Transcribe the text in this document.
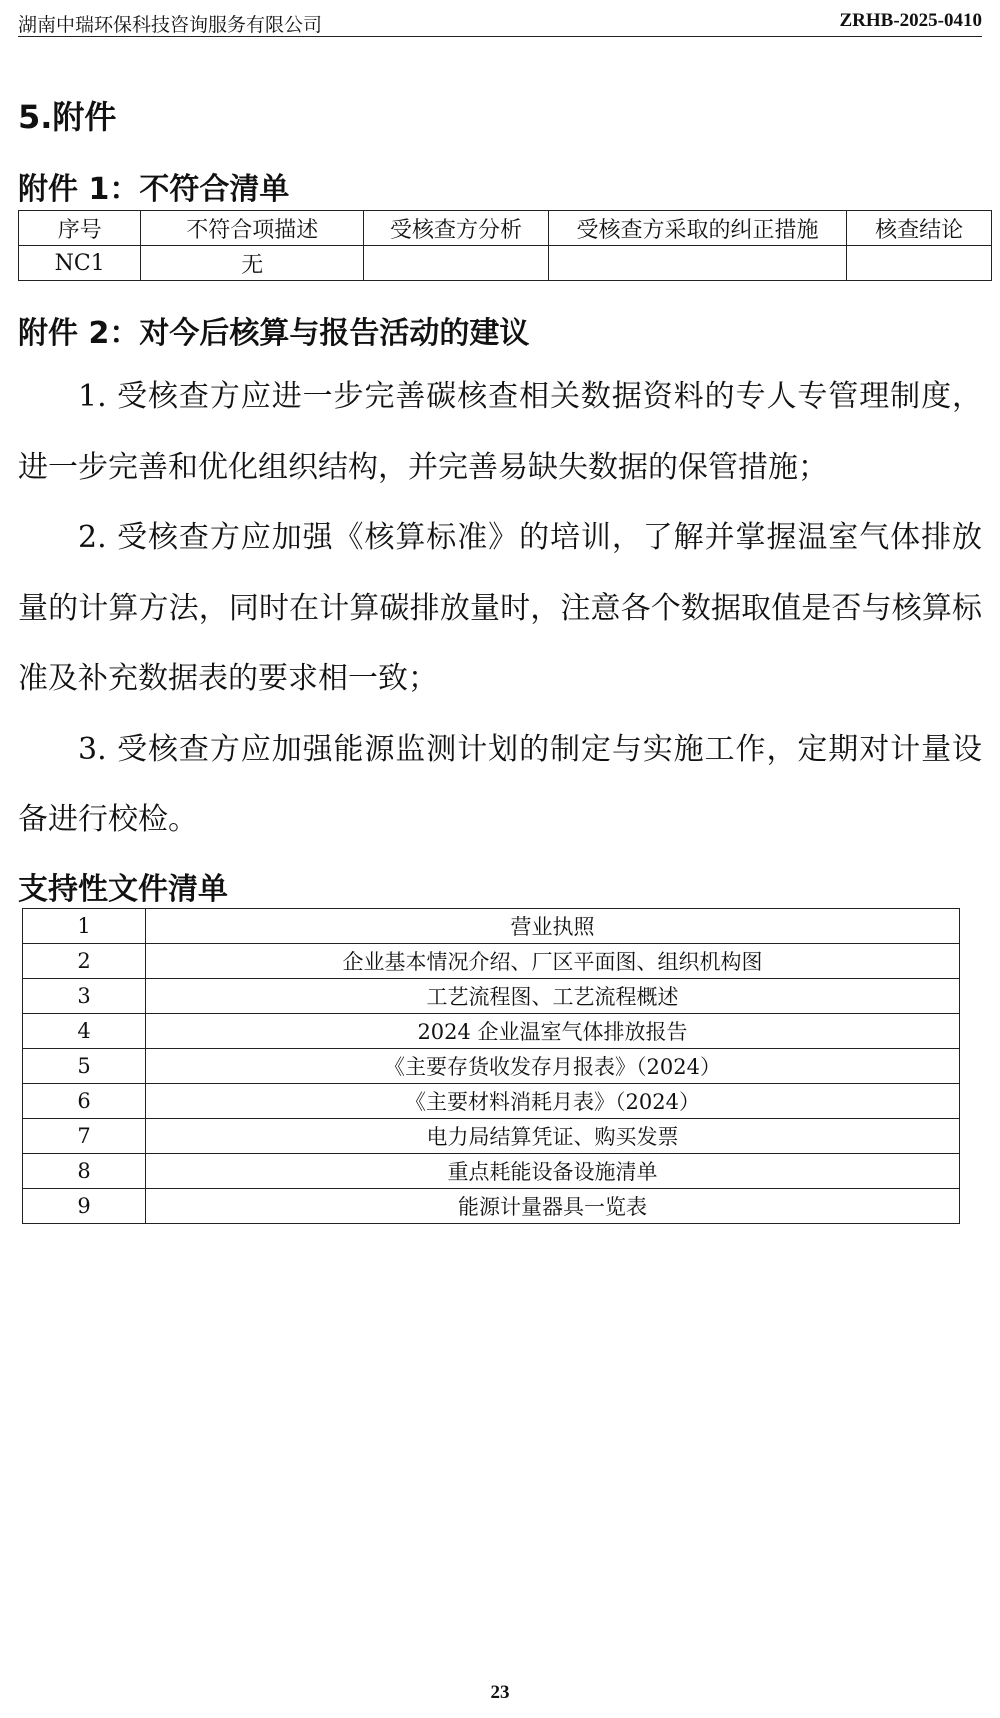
湖南中瑞环保科技咨询服务有限公司	ZRHB-2025-0410
5.附件
附件 1：不符合清单
序号	不符合项描述	受核查方分析	受核查方采取的纠正措施	核查结论
NC1	无			
附件 2：对今后核算与报告活动的建议

1. 受核查方应进一步完善碳核查相关数据资料的专人专管理制度，进一步完善和优化组织结构，并完善易缺失数据的保管措施；

2. 受核查方应加强《核算标准》的培训，了解并掌握温室气体排放量的计算方法，同时在计算碳排放量时，注意各个数据取值是否与核算标准及补充数据表的要求相一致；

3. 受核查方应加强能源监测计划的制定与实施工作，定期对计量设备进行校检。

支持性文件清单
1	营业执照
2	企业基本情况介绍、厂区平面图、组织机构图
3	工艺流程图、工艺流程概述
4	2024 企业温室气体排放报告
5	《主要存货收发存月报表》（2024）
6	《主要材料消耗月表》（2024）
7	电力局结算凭证、购买发票
8	重点耗能设备设施清单
9	能源计量器具一览表
23
